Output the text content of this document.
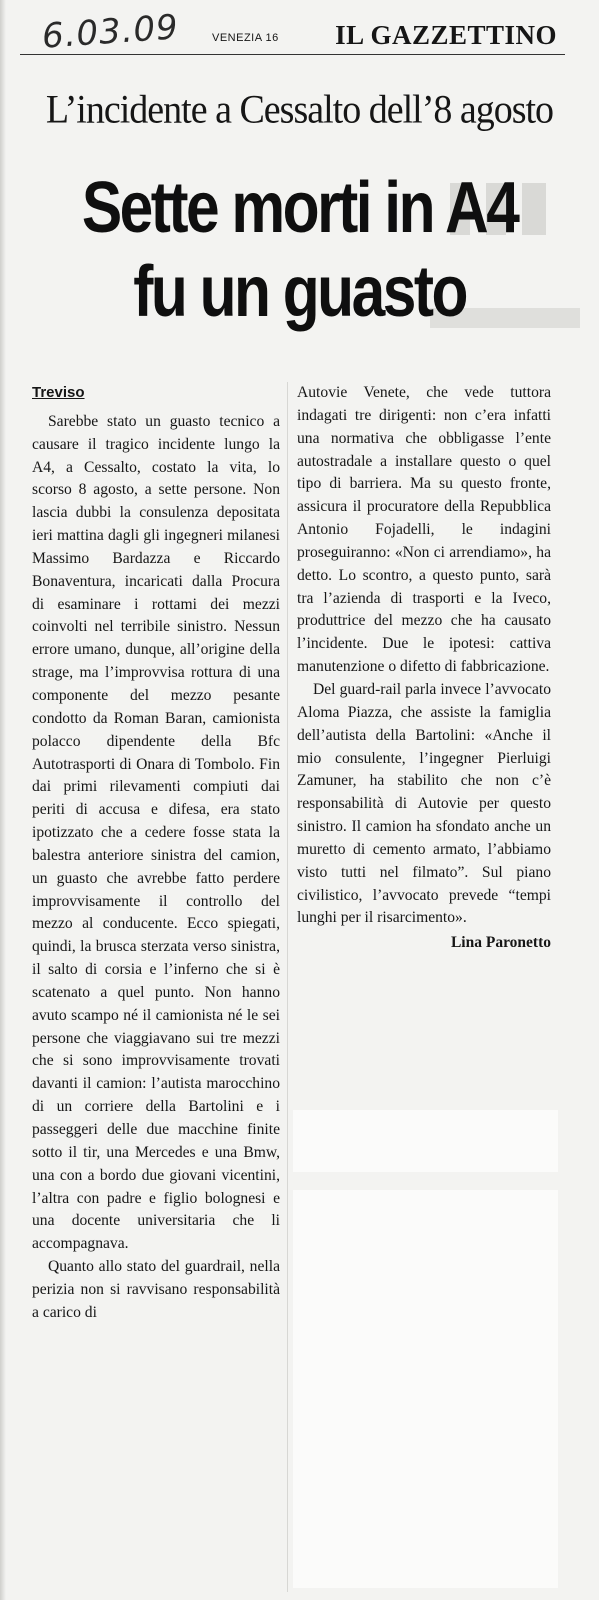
6.03.09	VENEZIA 16 IL GAZZETTINO
L’incidente a Cessalto dell’8 agosto
Sette morti in A4
fu un guasto
Treviso

Sarebbe stato un guasto tecnico a causare il tragico incidente lungo la A4, a Cessalto, costato la vita, lo scorso 8 agosto, a sette persone. Non lascia dubbi la consulenza depositata ieri mattina dagli gli ingegneri milanesi Massimo Bardazza e Riccardo Bonaventura, incaricati dalla Procura di esaminare i rottami dei mezzi coinvolti nel terribile sinistro. Nessun errore umano, dunque, all’origine della strage, ma l’improvvisa rottura di una componente del mezzo pesante condotto da Roman Baran, camionista polacco dipendente della Bfc Autotrasporti di Onara di Tombolo. Fin dai primi rilevamenti compiuti dai periti di accusa e difesa, era stato ipotizzato che a cedere fosse stata la balestra anteriore sinistra del camion, un guasto che avrebbe fatto perdere improvvisamente il controllo del mezzo al conducente. Ecco spiegati, quindi, la brusca sterzata verso sinistra, il salto di corsia e l’inferno che si è scatenato a quel punto. Non hanno avuto scampo né il camionista né le sei persone che viaggiavano sui tre mezzi che si sono improvvisamente trovati davanti il camion: l’autista marocchino di un corriere della Bartolini e i passeggeri delle due macchine finite sotto il tir, una Mercedes e una Bmw, una con a bordo due giovani vicentini, l’altra con padre e figlio bolognesi e una docente universitaria che li accompagnava.

Quanto allo stato del guardrail, nella perizia non si ravvisano responsabilità a carico di

Autovie Venete, che vede tuttora indagati tre dirigenti: non c’era infatti una normativa che obbligasse l’ente autostradale a installare questo o quel tipo di barriera. Ma su questo fronte, assicura il procuratore della Repubblica Antonio Fojadelli, le indagini proseguiranno: «Non ci arrendiamo», ha detto. Lo scontro, a questo punto, sarà tra l’azienda di trasporti e la Iveco, produttrice del mezzo che ha causato l’incidente. Due le ipotesi: cattiva manutenzione o difetto di fabbricazione.

Del guard-rail parla invece l’avvocato Aloma Piazza, che assiste la famiglia dell’autista della Bartolini: «Anche il mio consulente, l’ingegner Pierluigi Zamuner, ha stabilito che non c’è responsabilità di Autovie per questo sinistro. Il camion ha sfondato anche un muretto di cemento armato, l’abbiamo visto tutti nel filmato”. Sul piano civilistico, l’avvocato prevede “tempi lunghi per il risarcimento».

Lina Paronetto
